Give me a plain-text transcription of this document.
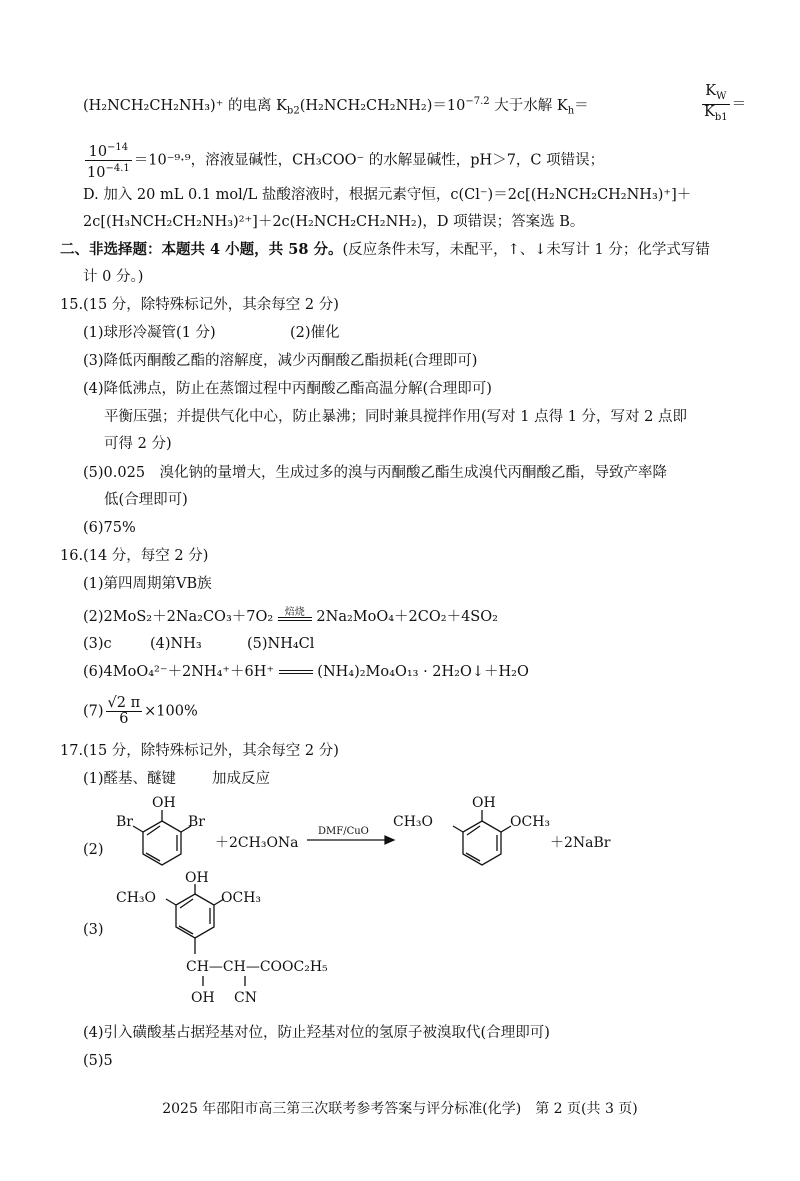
(H₂NCH₂CH₂NH₃)⁺ 的电离 $K_{b2}(H_2NCH_2CH_2NH_2)=10^{-7.2}$ 大于水解 $K_h=$	$\frac{K_W}{K_{b1}}$ ＝
$\frac{10^{-14}}{10^{-4.1}} =10^{-9}\cdot^9$，溶液显碱性，CH₃COO⁻ 的水解显碱性，pH＞7，C 项错误；
D. 加入 20 mL 0.1 mol/L 盐酸溶液时，根据元素守恒，c(Cl⁻)＝2c[(H₂NCH₂CH₂NH₃)⁺]＋
2c[(H₃NCH₂CH₂NH₃)²⁺]＋2c(H₂NCH₂CH₂NH₂)，D 项错误；答案选 B。
二、非选择题：本题共 4 小题，共 58 分。(反应条件未写，未配平，↑、↓未写计 1 分；化学式写错
计 0 分。)
15.(15 分，除特殊标记外，其余每空 2 分)
(1)球形冷凝管(1 分)	(2)催化
(3)降低丙酮酸乙酯的溶解度，减少丙酮酸乙酯损耗(合理即可)
(4)降低沸点，防止在蒸馏过程中丙酮酸乙酯高温分解(合理即可)
平衡压强；并提供气化中心，防止暴沸；同时兼具搅拌作用(写对 1 点得 1 分，写对 2 点即
可得 2 分)
(5)0.025　溴化钠的量增大，生成过多的溴与丙酮酸乙酯生成溴代丙酮酸乙酯，导致产率降
低(合理即可)
(6)75%
16.(14 分，每空 2 分)
(1)第四周期第ⅤB族
(2)2MoS₂＋2Na₂CO₃＋7O₂	焙烧 2Na₂MoO₄＋2CO₂＋4SO₂
(3)c	(4)NH₃	(5)NH₄Cl
(6)4MoO₄²⁻＋2NH₄⁺＋6H⁺	(NH₄)₂Mo₄O₁₃ · 2H₂O↓＋H₂O
$(7) \frac{√2 \pi}{6} \times 100\%$
17.(15 分，除特殊标记外，其余每空 2 分)
(1)醛基、醚键 加成反应
(2)
OH
Br	Br
＋2CH₃ONa
DMF/CuO
OH
CH₃O	OCH₃
＋2NaBr
(3)
OH
CH₃O	OCH₃
CH—CH—COOC₂H₅
OH CN
(4)引入磺酸基占据羟基对位，防止羟基对位的氢原子被溴取代(合理即可)
(5)5
2025 年邵阳市高三第三次联考参考答案与评分标准(化学)　第 2 页(共 3 页)
